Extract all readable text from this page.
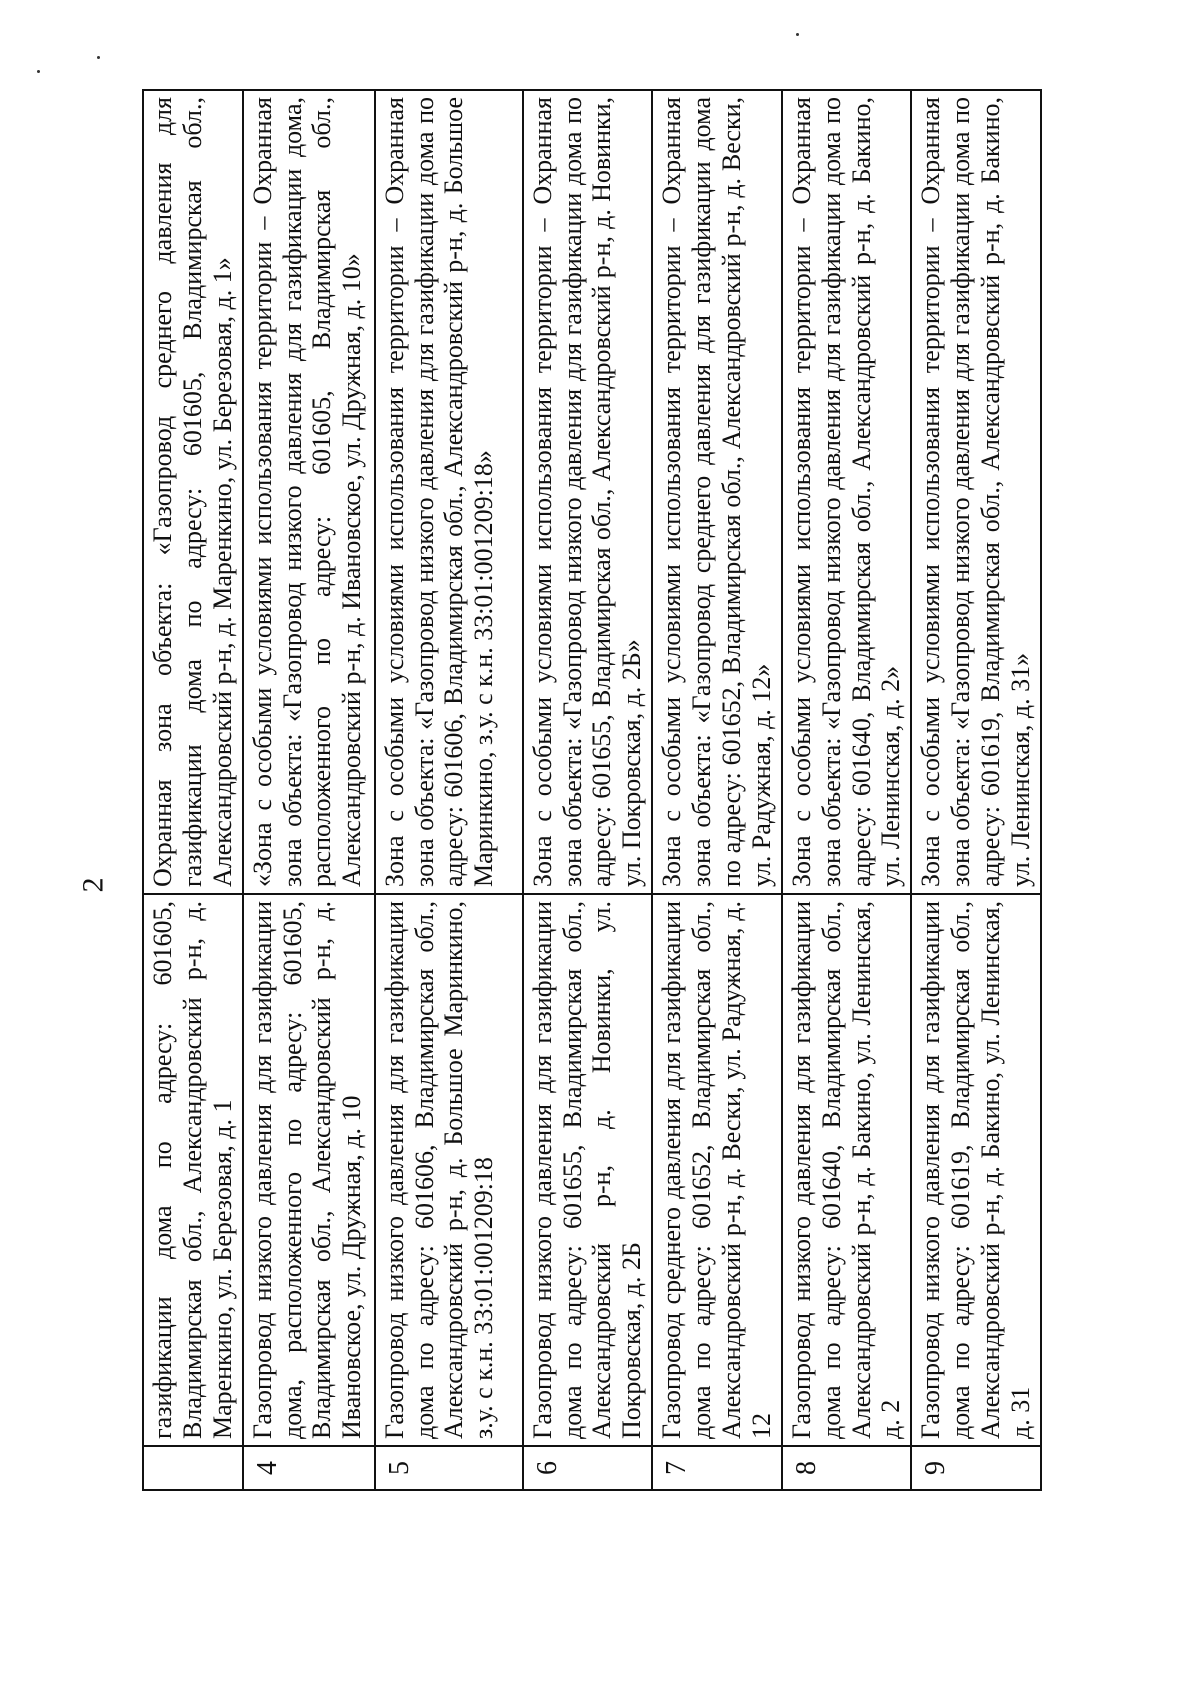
2
	газификации дома по адресу: 601605, Владимирская обл., Александровский р-н, д. Маренкино, ул. Березовая, д. 1	Охранная зона объекта: «Газопровод среднего давления для газификации дома по адресу: 601605, Владимирская обл., Александровский р-н, д. Маренкино, ул. Березовая, д. 1»
4	Газопровод низкого давления для газификации дома, расположенного по адресу: 601605, Владимирская обл., Александровский р-н, д. Ивановское, ул. Дружная, д. 10	«Зона с особыми условиями использования территории – Охранная зона объекта: «Газопровод низкого давления для газификации дома, расположенного по адресу: 601605, Владимирская обл., Александровский р-н, д. Ивановское, ул. Дружная, д. 10»
5	Газопровод низкого давления для газификации дома по адресу: 601606, Владимирская обл., Александровский р-н, д. Большое Маринкино, з.у. с к.н. 33:01:001209:18	Зона с особыми условиями использования территории – Охранная зона объекта: «Газопровод низкого давления для газификации дома по адресу: 601606, Владимирская обл., Александровский р-н, д. Большое Маринкино, з.у. с к.н. 33:01:001209:18»
6	Газопровод низкого давления для газификации дома по адресу: 601655, Владимирская обл., Александровский р-н, д. Новинки, ул. Покровская, д. 2Б	Зона с особыми условиями использования территории – Охранная зона объекта: «Газопровод низкого давления для газификации дома по адресу: 601655, Владимирская обл., Александровский р-н, д. Новинки, ул. Покровская, д. 2Б»
7	Газопровод среднего давления для газификации дома по адресу: 601652, Владимирская обл., Александровский р-н, д. Вески, ул. Радужная, д. 12	Зона с особыми условиями использования территории – Охранная зона объекта: «Газопровод среднего давления для газификации дома по адресу: 601652, Владимирская обл., Александровский р-н, д. Вески, ул. Радужная, д. 12»
8	Газопровод низкого давления для газификации дома по адресу: 601640, Владимирская обл., Александровский р-н, д. Бакино, ул. Ленинская, д. 2	Зона с особыми условиями использования территории – Охранная зона объекта: «Газопровод низкого давления для газификации дома по адресу: 601640, Владимирская обл., Александровский р-н, д. Бакино, ул. Ленинская, д. 2»
9	Газопровод низкого давления для газификации дома по адресу: 601619, Владимирская обл., Александровский р-н, д. Бакино, ул. Ленинская, д. 31	Зона с особыми условиями использования территории – Охранная зона объекта: «Газопровод низкого давления для газификации дома по адресу: 601619, Владимирская обл., Александровский р-н, д. Бакино, ул. Ленинская, д. 31»
